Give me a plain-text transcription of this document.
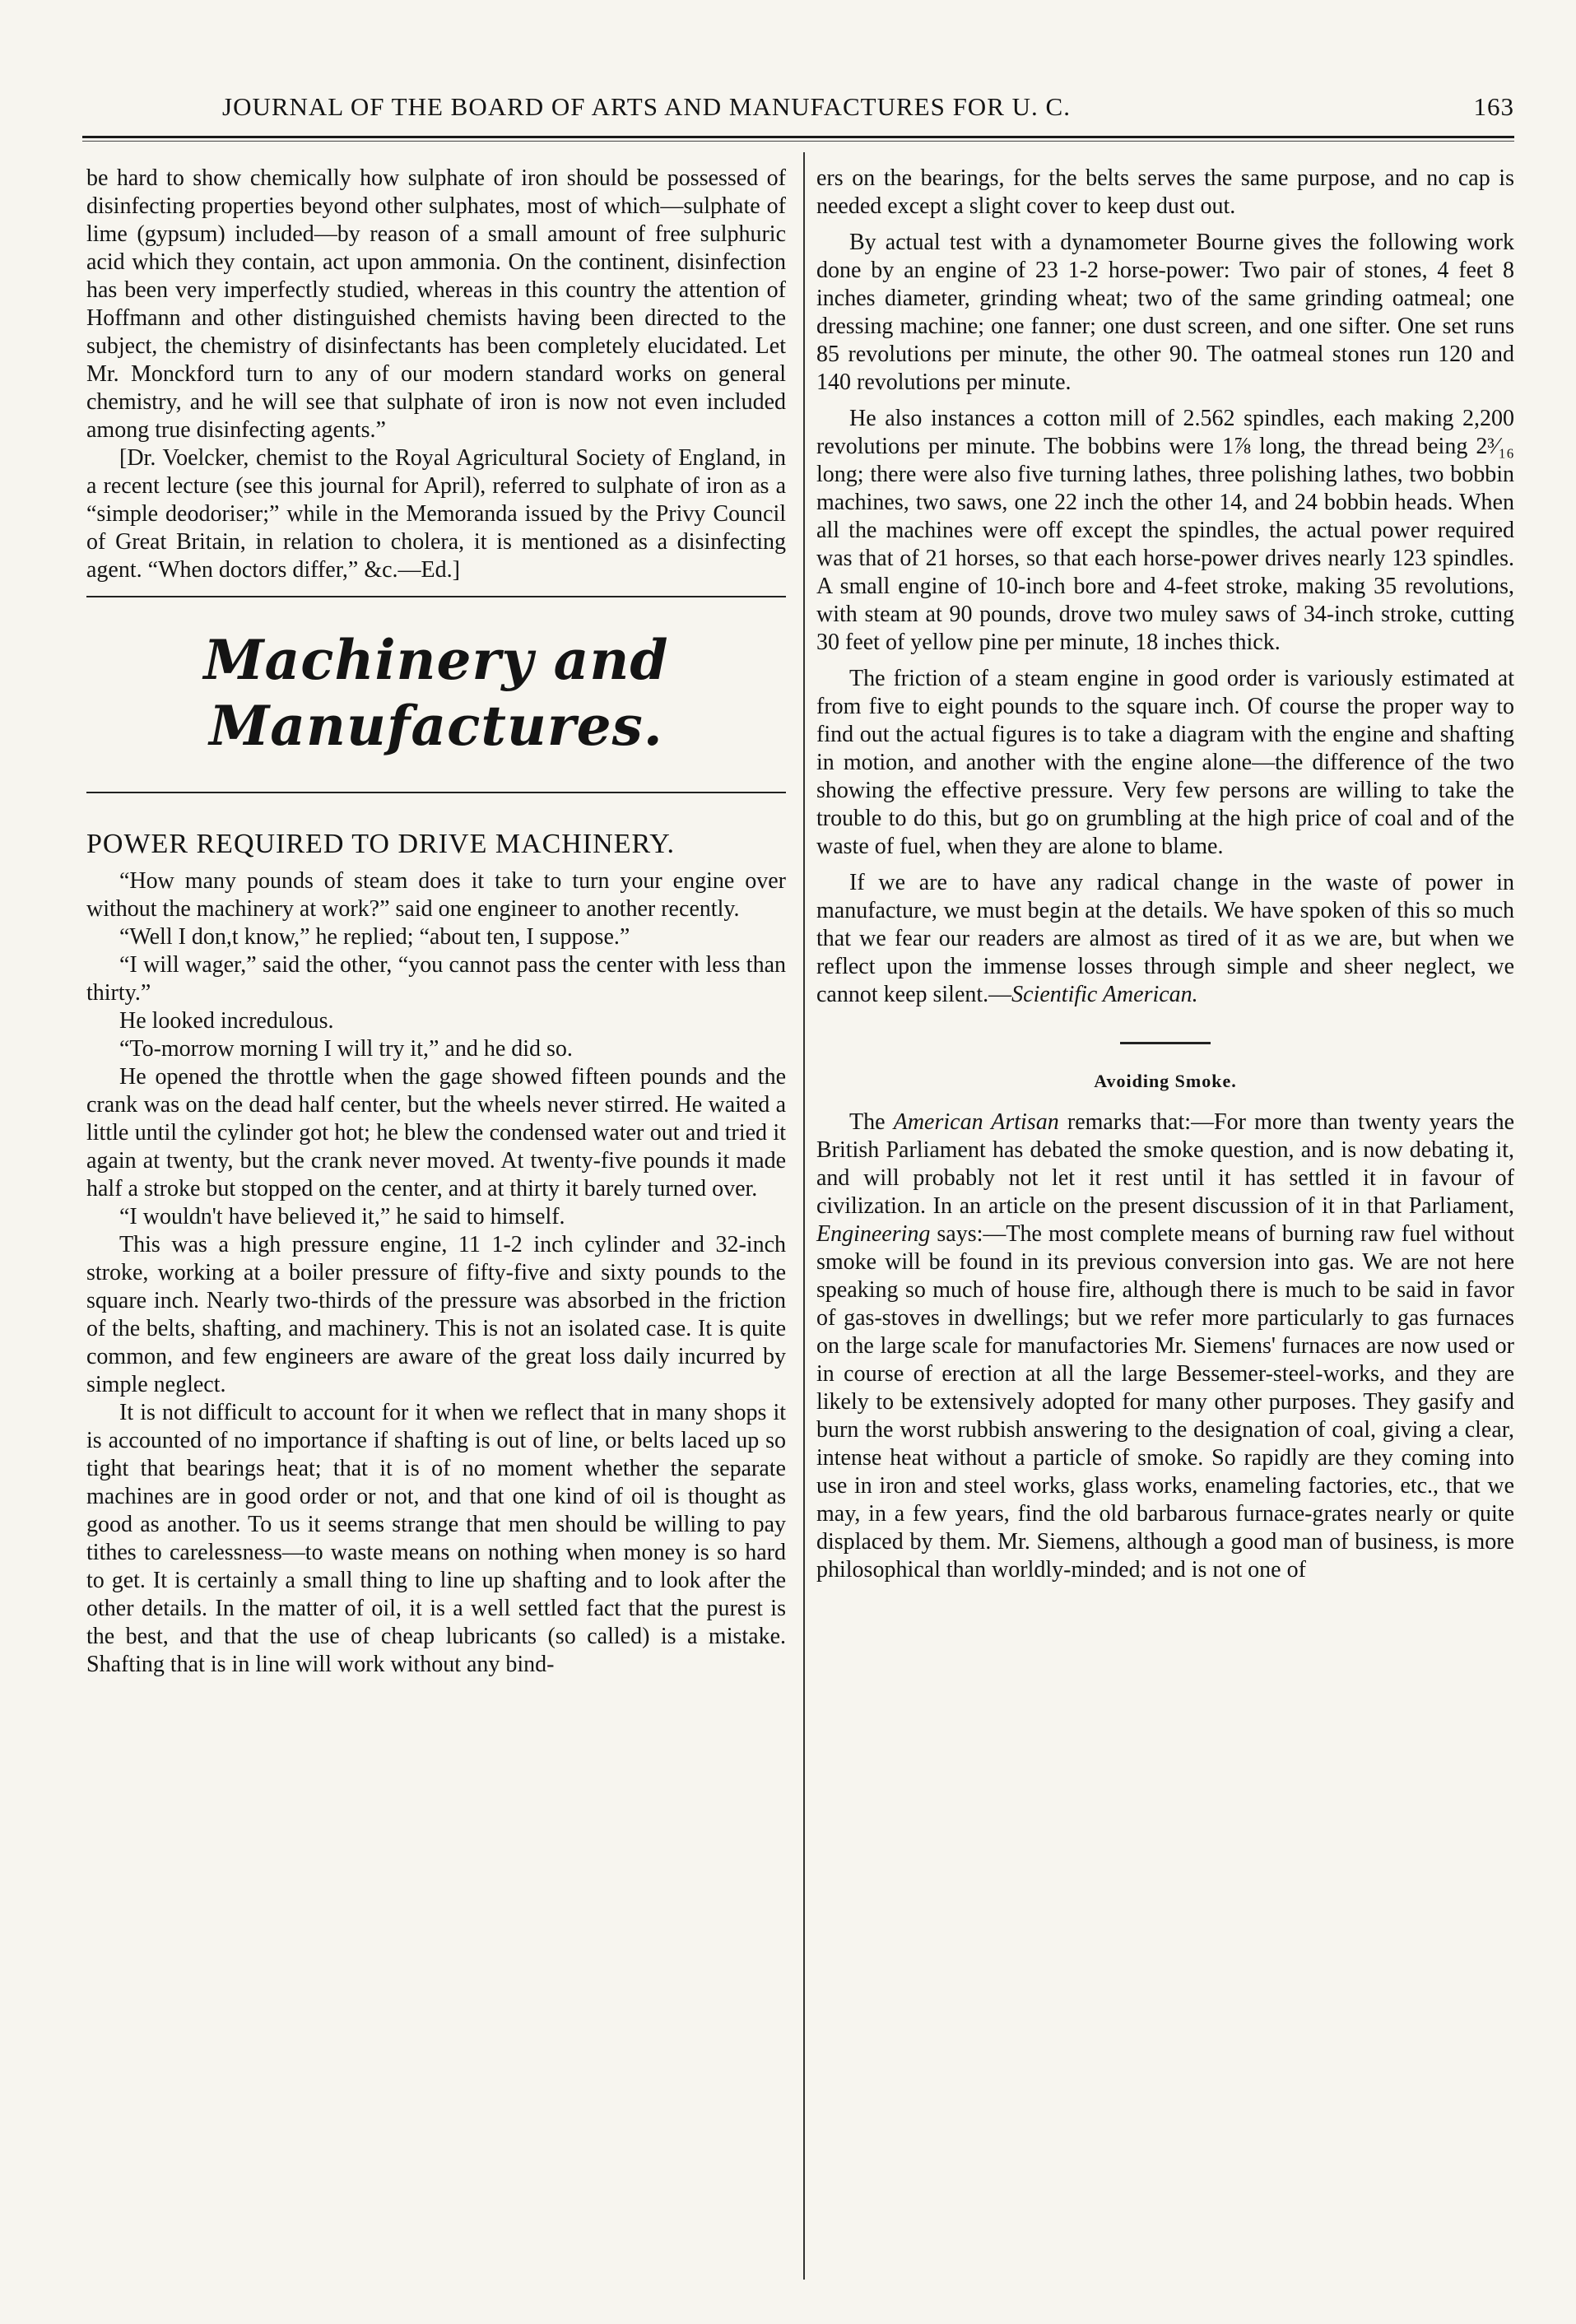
JOURNAL OF THE BOARD OF ARTS AND MANUFACTURES FOR U. C.	163

be hard to show chemically how sulphate of iron should be possessed of disinfecting properties beyond other sulphates, most of which—sulphate of lime (gypsum) included—by reason of a small amount of free sulphuric acid which they contain, act upon ammonia. On the continent, disinfection has been very imperfectly studied, whereas in this country the attention of Hoffmann and other distinguished chemists having been directed to the subject, the chemistry of disinfectants has been completely elucidated. Let Mr. Monckford turn to any of our modern standard works on general chemistry, and he will see that sulphate of iron is now not even included among true disinfecting agents.”

[Dr. Voelcker, chemist to the Royal Agricultural Society of England, in a recent lecture (see this journal for April), referred to sulphate of iron as a “simple deodoriser;” while in the Memoranda issued by the Privy Council of Great Britain, in relation to cholera, it is mentioned as a disinfecting agent. “When doctors differ,” &c.—Ed.]

Machinery and Manufactures.
POWER REQUIRED TO DRIVE MACHINERY.

“How many pounds of steam does it take to turn your engine over without the machinery at work?” said one engineer to another recently.

“Well I don,t know,” he replied; “about ten, I suppose.”

“I will wager,” said the other, “you cannot pass the center with less than thirty.”

He looked incredulous.

“To-morrow morning I will try it,” and he did so.

He opened the throttle when the gage showed fifteen pounds and the crank was on the dead half center, but the wheels never stirred. He waited a little until the cylinder got hot; he blew the condensed water out and tried it again at twenty, but the crank never moved. At twenty-five pounds it made half a stroke but stopped on the center, and at thirty it barely turned over.

“I wouldn't have believed it,” he said to himself.

This was a high pressure engine, 11 1-2 inch cylinder and 32-inch stroke, working at a boiler pressure of fifty-five and sixty pounds to the square inch. Nearly two-thirds of the pressure was absorbed in the friction of the belts, shafting, and machinery. This is not an isolated case. It is quite common, and few engineers are aware of the great loss daily incurred by simple neglect.

It is not difficult to account for it when we reflect that in many shops it is accounted of no importance if shafting is out of line, or belts laced up so tight that bearings heat; that it is of no moment whether the separate machines are in good order or not, and that one kind of oil is thought as good as another. To us it seems strange that men should be willing to pay tithes to carelessness—to waste means on nothing when money is so hard to get. It is certainly a small thing to line up shafting and to look after the other details. In the matter of oil, it is a well settled fact that the purest is the best, and that the use of cheap lubricants (so called) is a mistake. Shafting that is in line will work without any bind-

ers on the bearings, for the belts serves the same purpose, and no cap is needed except a slight cover to keep dust out.

By actual test with a dynamometer Bourne gives the following work done by an engine of 23 1-2 horse-power: Two pair of stones, 4 feet 8 inches diameter, grinding wheat; two of the same grinding oatmeal; one dressing machine; one fanner; one dust screen, and one sifter. One set runs 85 revolutions per minute, the other 90. The oatmeal stones run 120 and 140 revolutions per minute.

He also instances a cotton mill of 2.562 spindles, each making 2,200 revolutions per minute. The bobbins were 1⅞ long, the thread being 2³⁄₁₆ long; there were also five turning lathes, three polishing lathes, two bobbin machines, two saws, one 22 inch the other 14, and 24 bobbin heads. When all the machines were off except the spindles, the actual power required was that of 21 horses, so that each horse-power drives nearly 123 spindles. A small engine of 10-inch bore and 4-feet stroke, making 35 revolutions, with steam at 90 pounds, drove two muley saws of 34-inch stroke, cutting 30 feet of yellow pine per minute, 18 inches thick.

The friction of a steam engine in good order is variously estimated at from five to eight pounds to the square inch. Of course the proper way to find out the actual figures is to take a diagram with the engine and shafting in motion, and another with the engine alone—the difference of the two showing the effective pressure. Very few persons are willing to take the trouble to do this, but go on grumbling at the high price of coal and of the waste of fuel, when they are alone to blame.

If we are to have any radical change in the waste of power in manufacture, we must begin at the details. We have spoken of this so much that we fear our readers are almost as tired of it as we are, but when we reflect upon the immense losses through simple and sheer neglect, we cannot keep silent.—Scientific American.

Avoiding Smoke.

The American Artisan remarks that:—For more than twenty years the British Parliament has debated the smoke question, and is now debating it, and will probably not let it rest until it has settled it in favour of civilization. In an article on the present discussion of it in that Parliament, Engineering says:—The most complete means of burning raw fuel without smoke will be found in its previous conversion into gas. We are not here speaking so much of house fire, although there is much to be said in favor of gas-stoves in dwellings; but we refer more particularly to gas furnaces on the large scale for manufactories Mr. Siemens' furnaces are now used or in course of erection at all the large Bessemer-steel-works, and they are likely to be extensively adopted for many other purposes. They gasify and burn the worst rubbish answering to the designation of coal, giving a clear, intense heat without a particle of smoke. So rapidly are they coming into use in iron and steel works, glass works, enameling factories, etc., that we may, in a few years, find the old barbarous furnace-grates nearly or quite displaced by them. Mr. Siemens, although a good man of business, is more philosophical than worldly-minded; and is not one of
